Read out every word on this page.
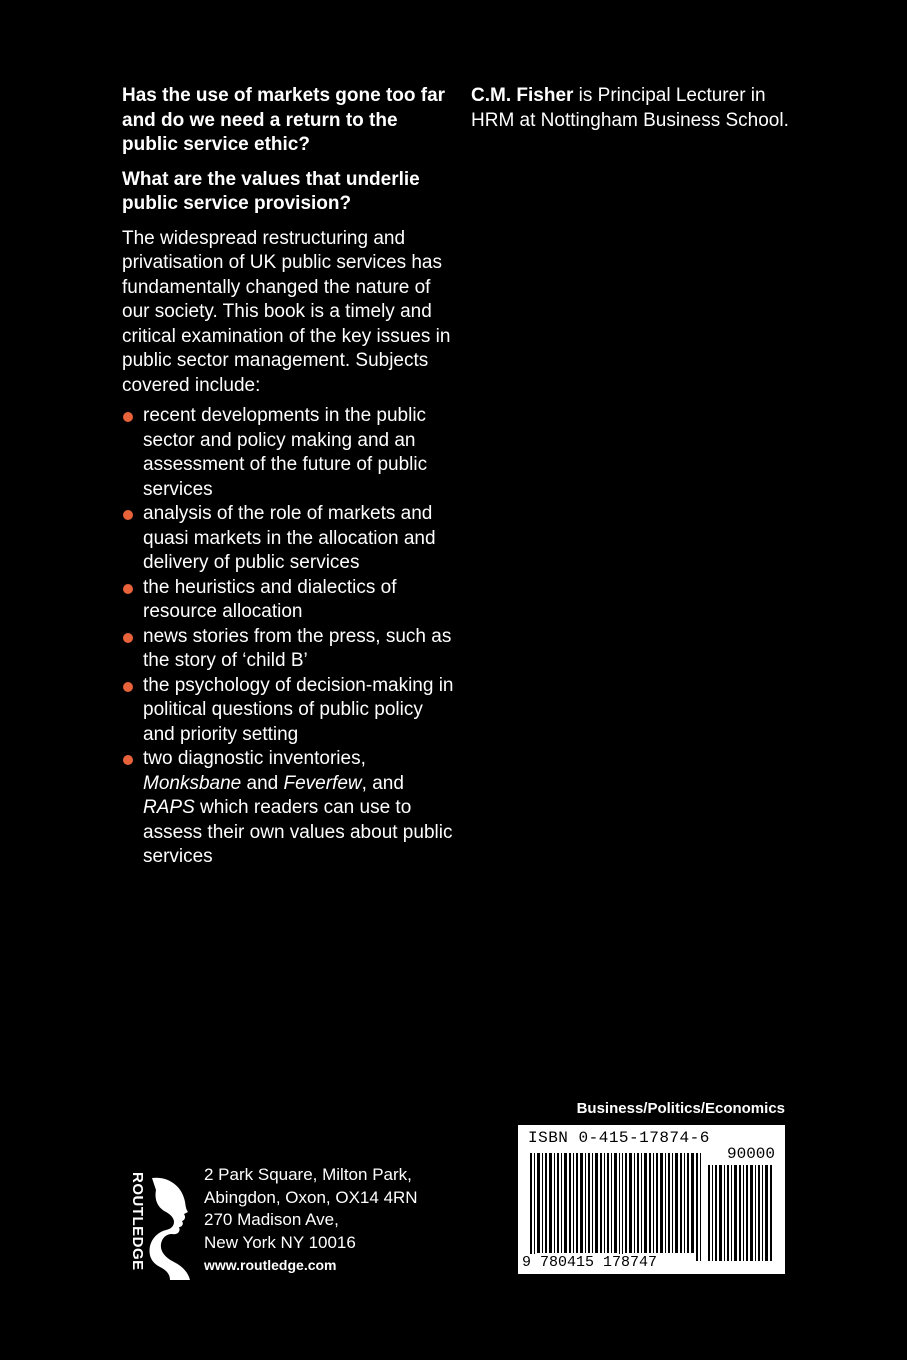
Has the use of markets gone too far and do we need a return to the public service ethic?

What are the values that underlie public service provision?

The widespread restructuring and privatisation of UK public services has fundamentally changed the nature of our society. This book is a timely and critical examination of the key issues in public sector management. Subjects covered include:

recent developments in the public sector and policy making and an assessment of the future of public services
analysis of the role of markets and quasi markets in the allocation and delivery of public services
the heuristics and dialectics of resource allocation
news stories from the press, such as the story of ‘child B’
the psychology of decision-making in political questions of public policy and priority setting
two diagnostic inventories, Monksbane and Feverfew, and RAPS which readers can use to assess their own values about public services
C.M. Fisher is Principal Lecturer in HRM at Nottingham Business School.
Business/Politics/Economics
ISBN 0-415-17874-6
90000
9 780415 178747
ROUTLEDGE	2 Park Square, Milton Park,
Abingdon, Oxon, OX14 4RN
270 Madison Ave,
New York NY 10016
www.routledge.com
